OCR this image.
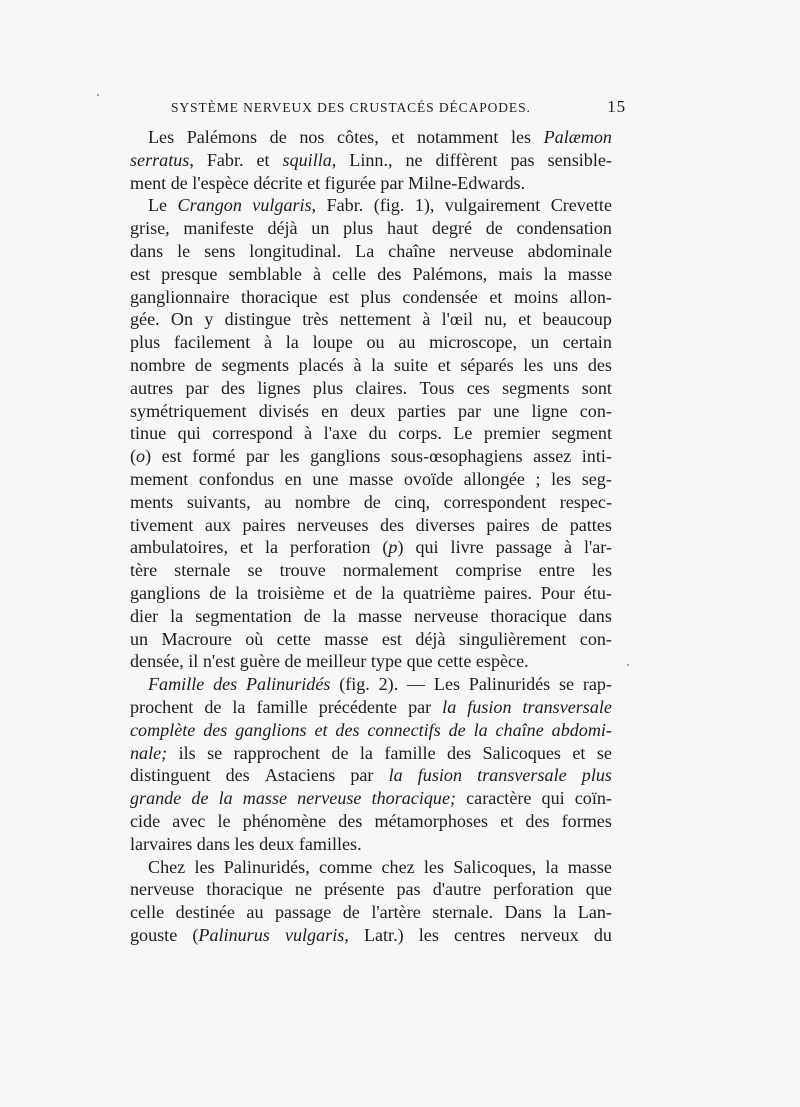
SYSTÈME NERVEUX DES CRUSTACÉS DÉCAPODES.	15
Les Palémons de nos côtes, et notamment les Palæmon
serratus, Fabr. et squilla, Linn., ne diffèrent pas sensible-
ment de l'espèce décrite et figurée par Milne-Edwards.
Le Crangon vulgaris, Fabr. (fig. 1), vulgairement Crevette
grise, manifeste déjà un plus haut degré de condensation
dans le sens longitudinal. La chaîne nerveuse abdominale
est presque semblable à celle des Palémons, mais la masse
ganglionnaire thoracique est plus condensée et moins allon-
gée. On y distingue très nettement à l'œil nu, et beaucoup
plus facilement à la loupe ou au microscope, un certain
nombre de segments placés à la suite et séparés les uns des
autres par des lignes plus claires. Tous ces segments sont
symétriquement divisés en deux parties par une ligne con-
tinue qui correspond à l'axe du corps. Le premier segment
(o) est formé par les ganglions sous-œsophagiens assez inti-
mement confondus en une masse ovoïde allongée ; les seg-
ments suivants, au nombre de cinq, correspondent respec-
tivement aux paires nerveuses des diverses paires de pattes
ambulatoires, et la perforation (p) qui livre passage à l'ar-
tère sternale se trouve normalement comprise entre les
ganglions de la troisième et de la quatrième paires. Pour étu-
dier la segmentation de la masse nerveuse thoracique dans
un Macroure où cette masse est déjà singulièrement con-
densée, il n'est guère de meilleur type que cette espèce.
Famille des Palinuridés (fig. 2). — Les Palinuridés se rap-
prochent de la famille précédente par la fusion transversale
complète des ganglions et des connectifs de la chaîne abdomi-
nale; ils se rapprochent de la famille des Salicoques et se
distinguent des Astaciens par la fusion transversale plus
grande de la masse nerveuse thoracique; caractère qui coïn-
cide avec le phénomène des métamorphoses et des formes
larvaires dans les deux familles.
Chez les Palinuridés, comme chez les Salicoques, la masse
nerveuse thoracique ne présente pas d'autre perforation que
celle destinée au passage de l'artère sternale. Dans la Lan-
gouste (Palinurus vulgaris, Latr.) les centres nerveux du
